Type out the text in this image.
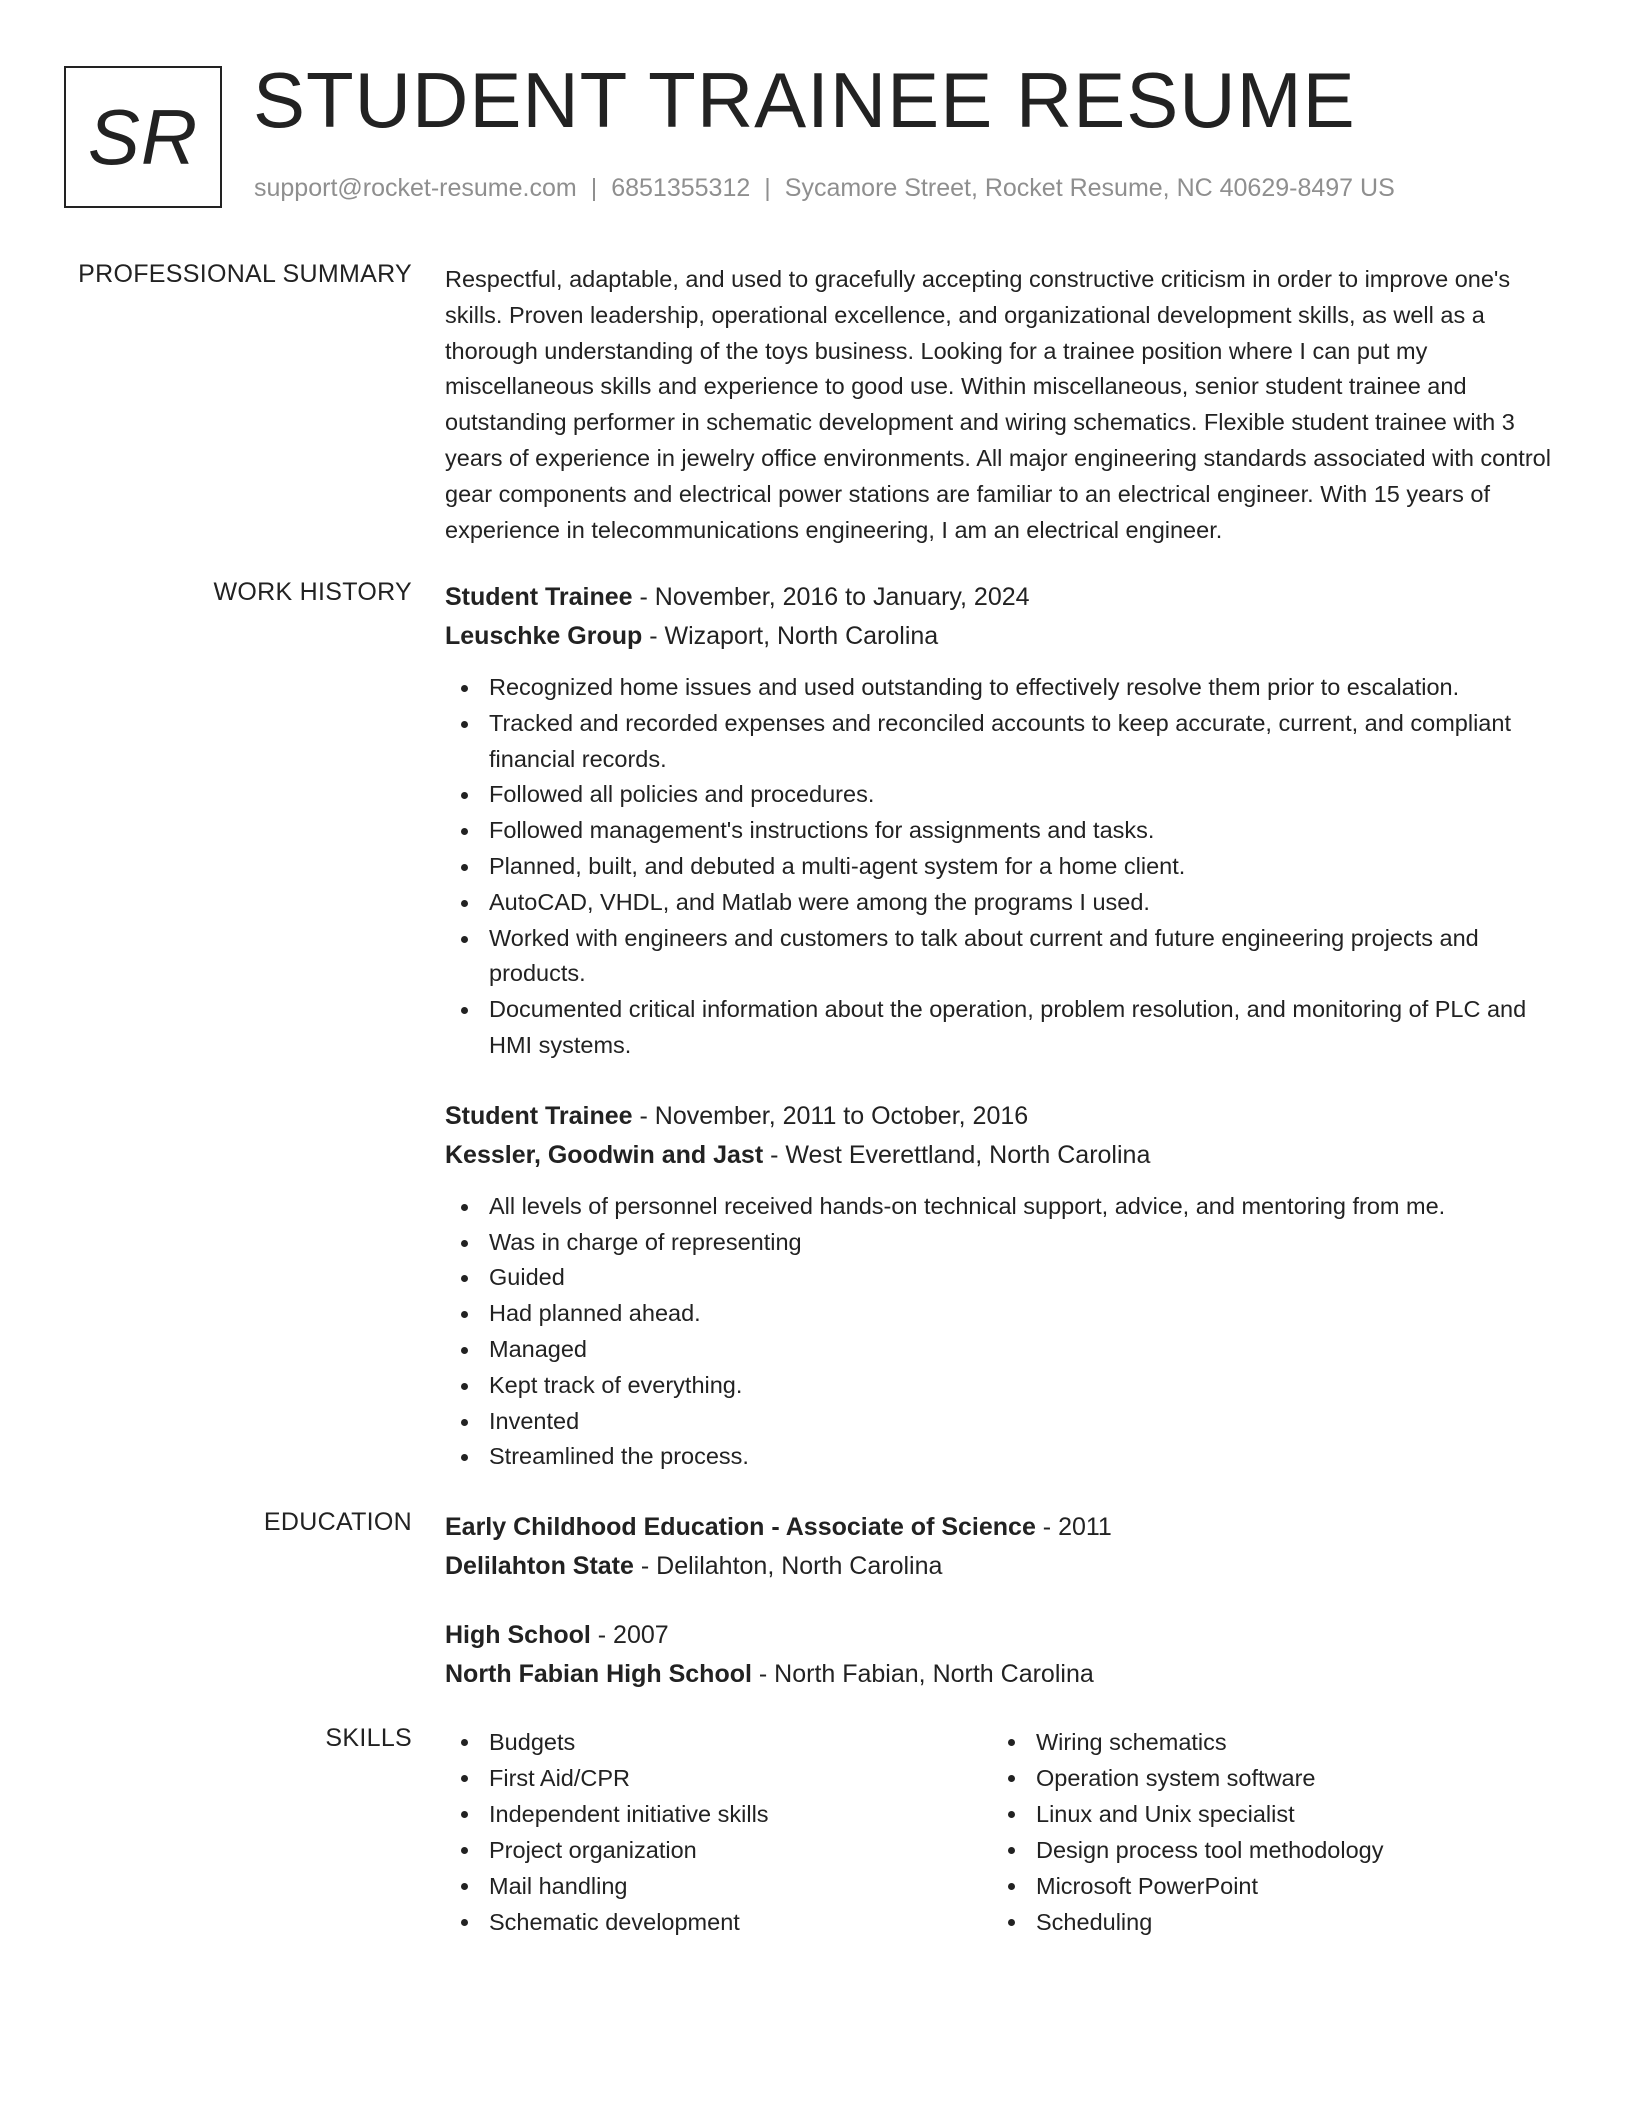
SR STUDENT TRAINEE RESUME
support@rocket-resume.com | 6851355312 | Sycamore Street, Rocket Resume, NC 40629-8497 US
PROFESSIONAL SUMMARY Respectful, adaptable, and used to gracefully accepting constructive criticism in order to improve one's skills. Proven leadership, operational excellence, and organizational development skills, as well as a thorough understanding of the toys business. Looking for a trainee position where I can put my miscellaneous skills and experience to good use. Within miscellaneous, senior student trainee and outstanding performer in schematic development and wiring schematics. Flexible student trainee with 3 years of experience in jewelry office environments. All major engineering standards associated with control gear components and electrical power stations are familiar to an electrical engineer. With 15 years of experience in telecommunications engineering, I am an electrical engineer.

WORK HISTORY Student Trainee - November, 2016 to January, 2024
Leuschke Group - Wizaport, North Carolina
Recognized home issues and used outstanding to effectively resolve them prior to escalation.
Tracked and recorded expenses and reconciled accounts to keep accurate, current, and compliant financial records.
Followed all policies and procedures.
Followed management's instructions for assignments and tasks.
Planned, built, and debuted a multi-agent system for a home client.
AutoCAD, VHDL, and Matlab were among the programs I used.
Worked with engineers and customers to talk about current and future engineering projects and products.
Documented critical information about the operation, problem resolution, and monitoring of PLC and HMI systems.
Student Trainee - November, 2011 to October, 2016
Kessler, Goodwin and Jast - West Everettland, North Carolina
All levels of personnel received hands-on technical support, advice, and mentoring from me.
Was in charge of representing
Guided
Had planned ahead.
Managed
Kept track of everything.
Invented
Streamlined the process.
EDUCATION Early Childhood Education - Associate of Science - 2011
Delilahton State - Delilahton, North Carolina
High School - 2007
North Fabian High School - North Fabian, North Carolina
SKILLS	Budgets
First Aid/CPR
Independent initiative skills
Project organization
Mail handling
Schematic development
Wiring schematics
Operation system software
Linux and Unix specialist
Design process tool methodology
Microsoft PowerPoint
Scheduling
